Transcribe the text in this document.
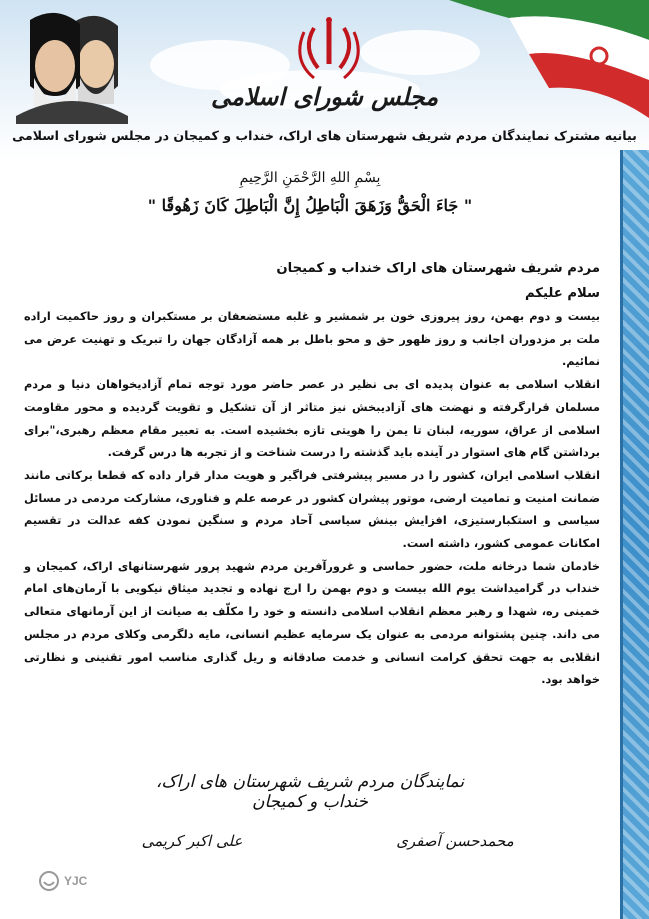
مجلس شورای اسلامی
بیانیه مشترک نمایندگان مردم شریف شهرستان های اراک، خنداب و کمیجان در مجلس شورای اسلامی
بِسْمِ اللهِ الرَّحْمَنِ الرَّحِيمِ
" جَاءَ الْحَقُّ وَزَهَقَ الْبَاطِلُ إِنَّ الْبَاطِلَ كَانَ زَهُوقًا "

مردم شریف شهرستان های اراک خنداب و کمیجان

سلام علیکم

بیست و دوم بهمن، روز پیروزی خون بر شمشیر و غلبه مستضعفان بر مستکبران و روز حاکمیت اراده ملت بر مزدوران اجانب و روز ظهور حق و محو باطل بر همه آزادگان جهان را تبریک و تهنیت عرض می نمائیم.

انقلاب اسلامی به عنوان پدیده ای بی نظیر در عصر حاضر مورد توجه تمام آزادیخواهان دنیا و مردم مسلمان قرارگرفته و نهضت های آزادیبخش نیز متاثر از آن تشکیل و تقویت گردیده و محور مقاومت اسلامی از عراق، سوریه، لبنان تا یمن را هویتی تازه بخشیده است. به تعبیر مقام معظم رهبری،"برای برداشتن گام های استوار در آینده باید گذشته را درست شناخت و از تجربه ها درس گرفت.

انقلاب اسلامی ایران، کشور را در مسیر پیشرفتی فراگیر و هویت مدار قرار داده که قطعا برکاتی مانند ضمانت امنیت و تمامیت ارضی، موتور پیشران کشور در عرصه علم و فناوری، مشارکت مردمی در مسائل سیاسی و استکبارستیزی، افزایش بینش سیاسی آحاد مردم و سنگین نمودن کفه عدالت در تقسیم امکانات عمومی کشور، داشته است.

خادمان شما درخانه ملت، حضور حماسی و غرورآفرین مردم شهید پرور شهرستانهای اراک، کمیجان و خنداب در گرامیداشت یوم الله بیست و دوم بهمن را ارج نهاده و تجدید میثاق نیکویی با آرمان‌های امام خمینی ره، شهدا و رهبر معظم انقلاب اسلامی دانسته و خود را مکلّف به صیانت از این آرمانهای متعالی می داند. چنین پشتوانه مردمی به عنوان یک سرمایه عظیم انسانی، مایه دلگرمی وکلای مردم در مجلس انقلابی به جهت تحقق کرامت انسانی و خدمت صادقانه و ریل گذاری مناسب امور تقنینی و نظارتی خواهد بود.

نمایندگان مردم شریف شهرستان های اراک، خنداب و کمیجان
محمدحسن آصفری
علی اکبر کریمی
YJC
